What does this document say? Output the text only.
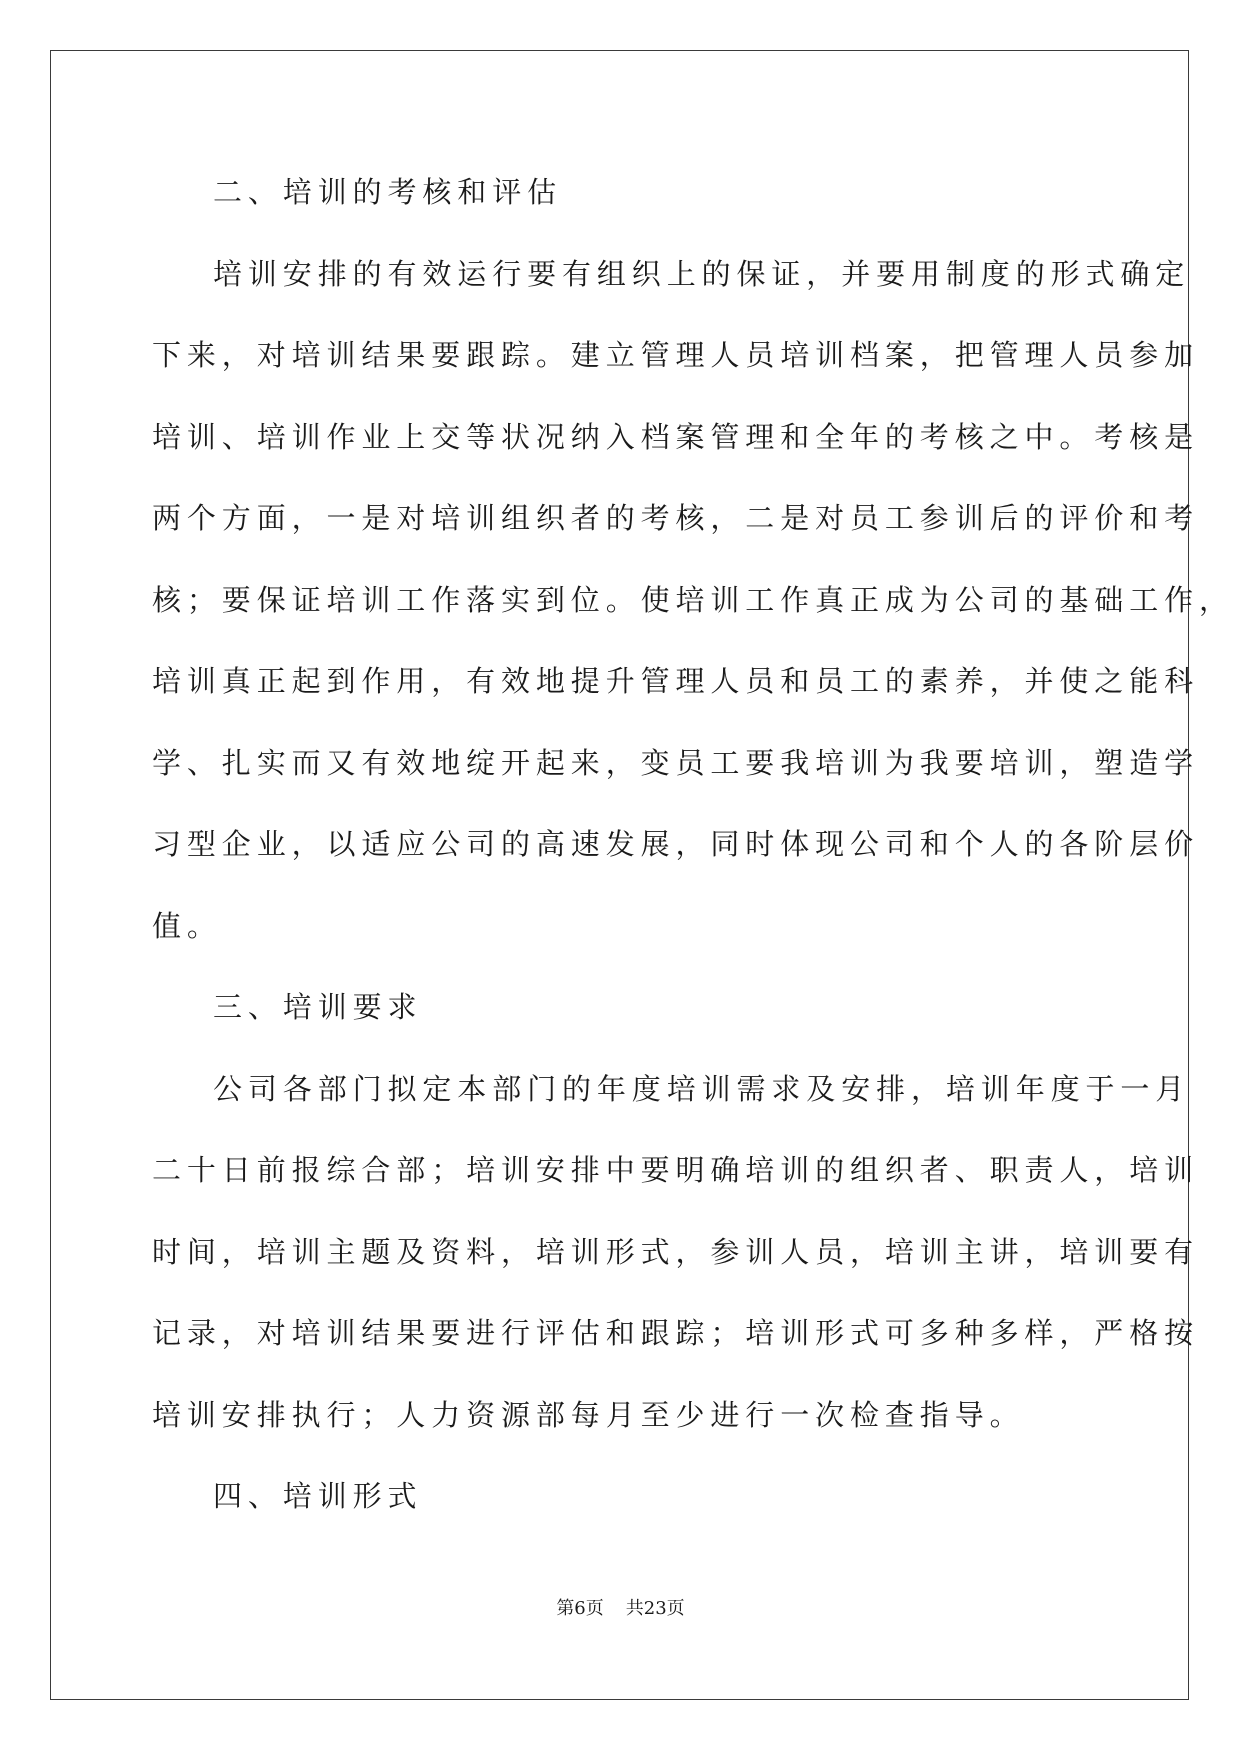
二、培训的考核和评估

培训安排的有效运行要有组织上的保证，并要用制度的形式确定

下来，对培训结果要跟踪。建立管理人员培训档案，把管理人员参加

培训、培训作业上交等状况纳入档案管理和全年的考核之中。考核是

两个方面，一是对培训组织者的考核，二是对员工参训后的评价和考

核；要保证培训工作落实到位。使培训工作真正成为公司的基础工作，

培训真正起到作用，有效地提升管理人员和员工的素养，并使之能科

学、扎实而又有效地绽开起来，变员工要我培训为我要培训，塑造学

习型企业，以适应公司的高速发展，同时体现公司和个人的各阶层价

值。

三、培训要求

公司各部门拟定本部门的年度培训需求及安排，培训年度于一月

二十日前报综合部；培训安排中要明确培训的组织者、职责人，培训

时间，培训主题及资料，培训形式，参训人员，培训主讲，培训要有

记录，对培训结果要进行评估和跟踪；培训形式可多种多样，严格按

培训安排执行；人力资源部每月至少进行一次检查指导。

四、培训形式

第6页 共23页
